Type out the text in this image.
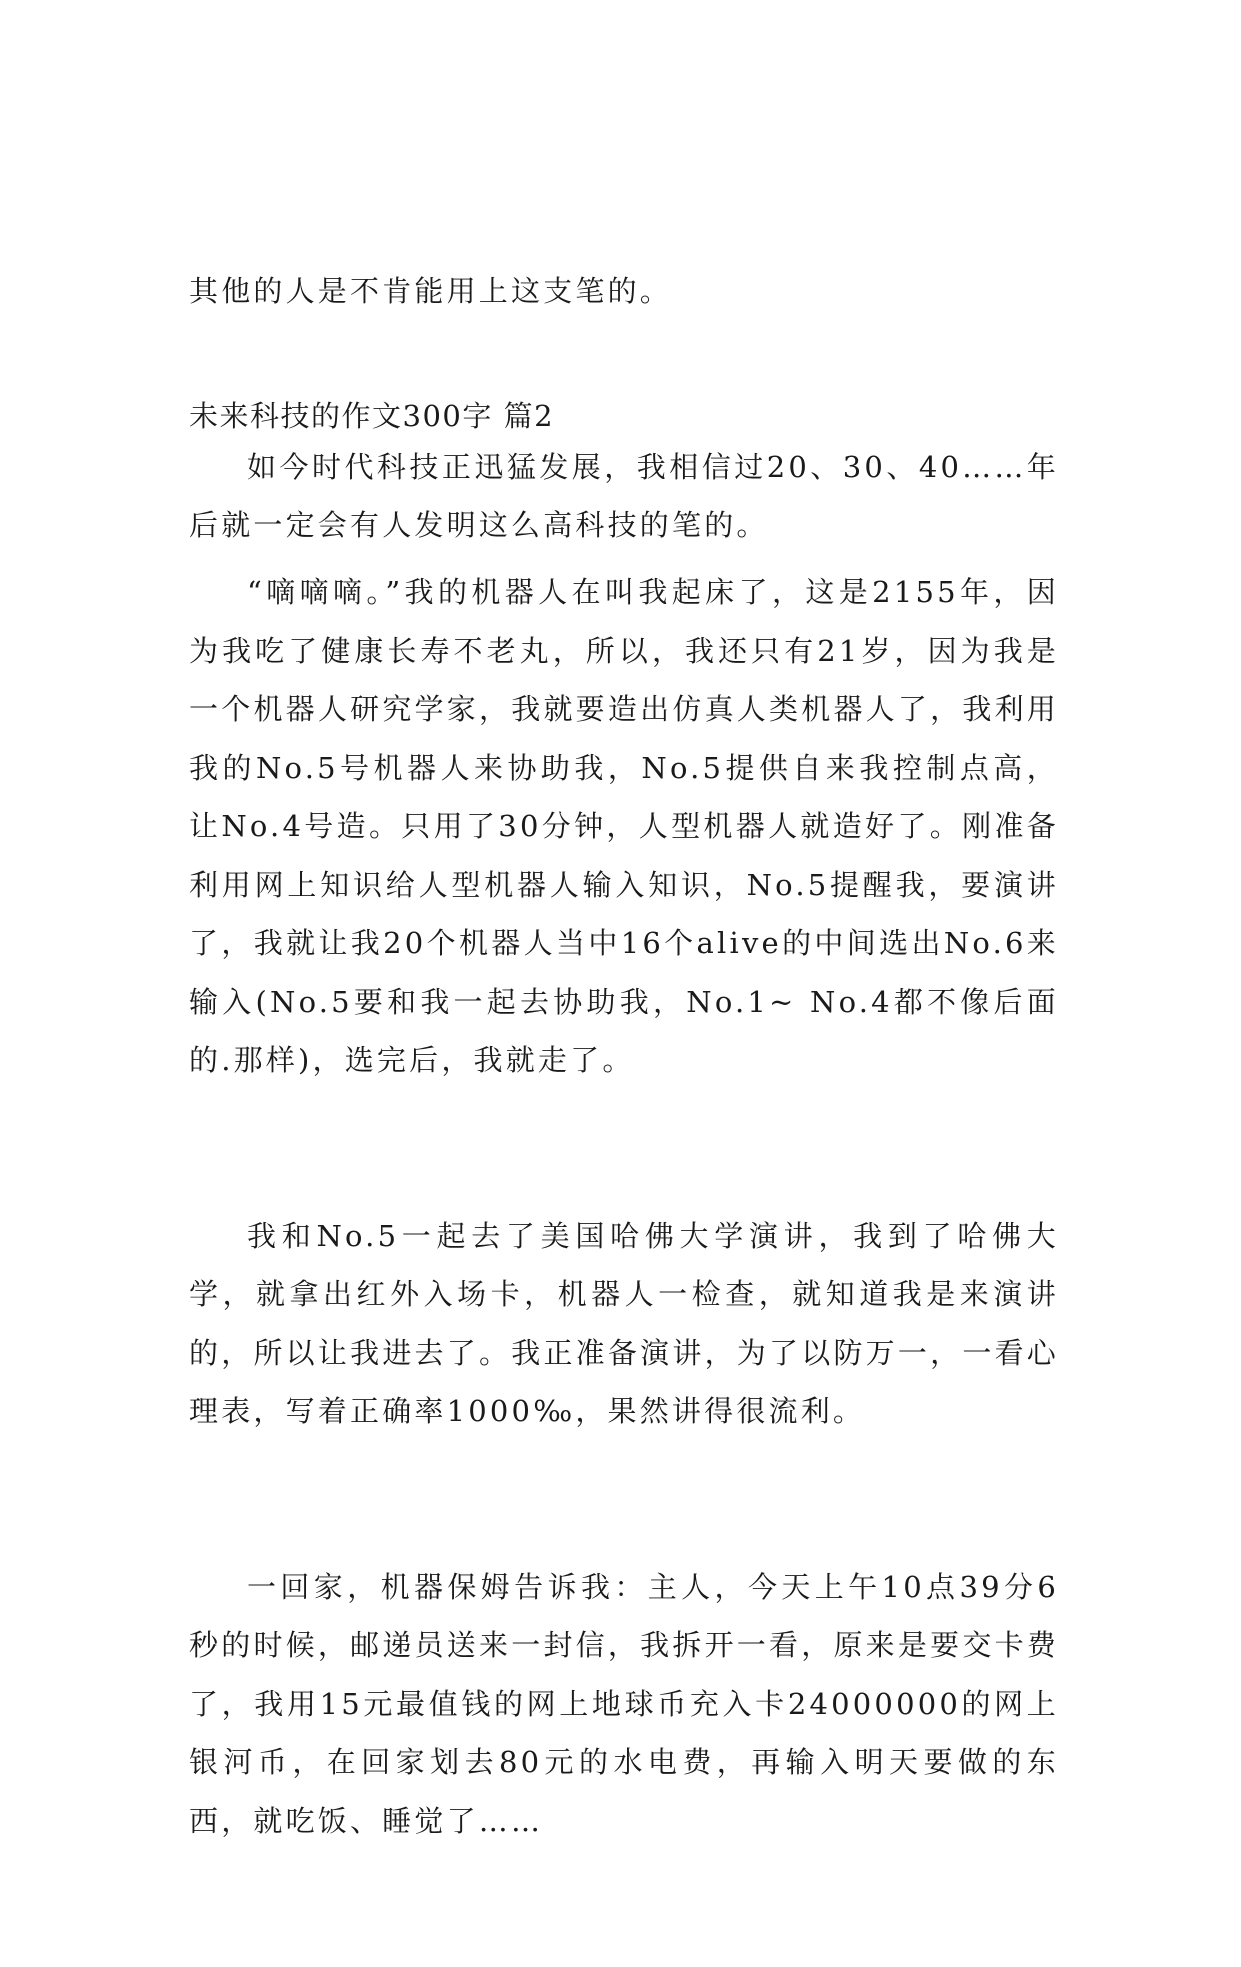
其他的人是不肯能用上这支笔的。

如今时代科技正迅猛发展，我相信过20、30、40……年后就一定会有人发明这么高科技的笔的。

未来科技的作文300字 篇2

“嘀嘀嘀。”我的机器人在叫我起床了，这是2155年，因为我吃了健康长寿不老丸，所以，我还只有21岁，因为我是一个机器人研究学家，我就要造出仿真人类机器人了，我利用我的No.5号机器人来协助我，No.5提供自来我控制点高，让No.4号造。只用了30分钟，人型机器人就造好了。刚准备利用网上知识给人型机器人输入知识，No.5提醒我，要演讲了，我就让我20个机器人当中16个alive的中间选出No.6来输入(No.5要和我一起去协助我，No.1~ No.4都不像后面的.那样)，选完后，我就走了。

我和No.5一起去了美国哈佛大学演讲，我到了哈佛大学，就拿出红外入场卡，机器人一检查，就知道我是来演讲的，所以让我进去了。我正准备演讲，为了以防万一，一看心理表，写着正确率1000‰，果然讲得很流利。

一回家，机器保姆告诉我：主人，今天上午10点39分6秒的时候，邮递员送来一封信，我拆开一看，原来是要交卡费了，我用15元最值钱的网上地球币充入卡24000000的网上银河币，在回家划去80元的水电费，再输入明天要做的东西，就吃饭、睡觉了……
